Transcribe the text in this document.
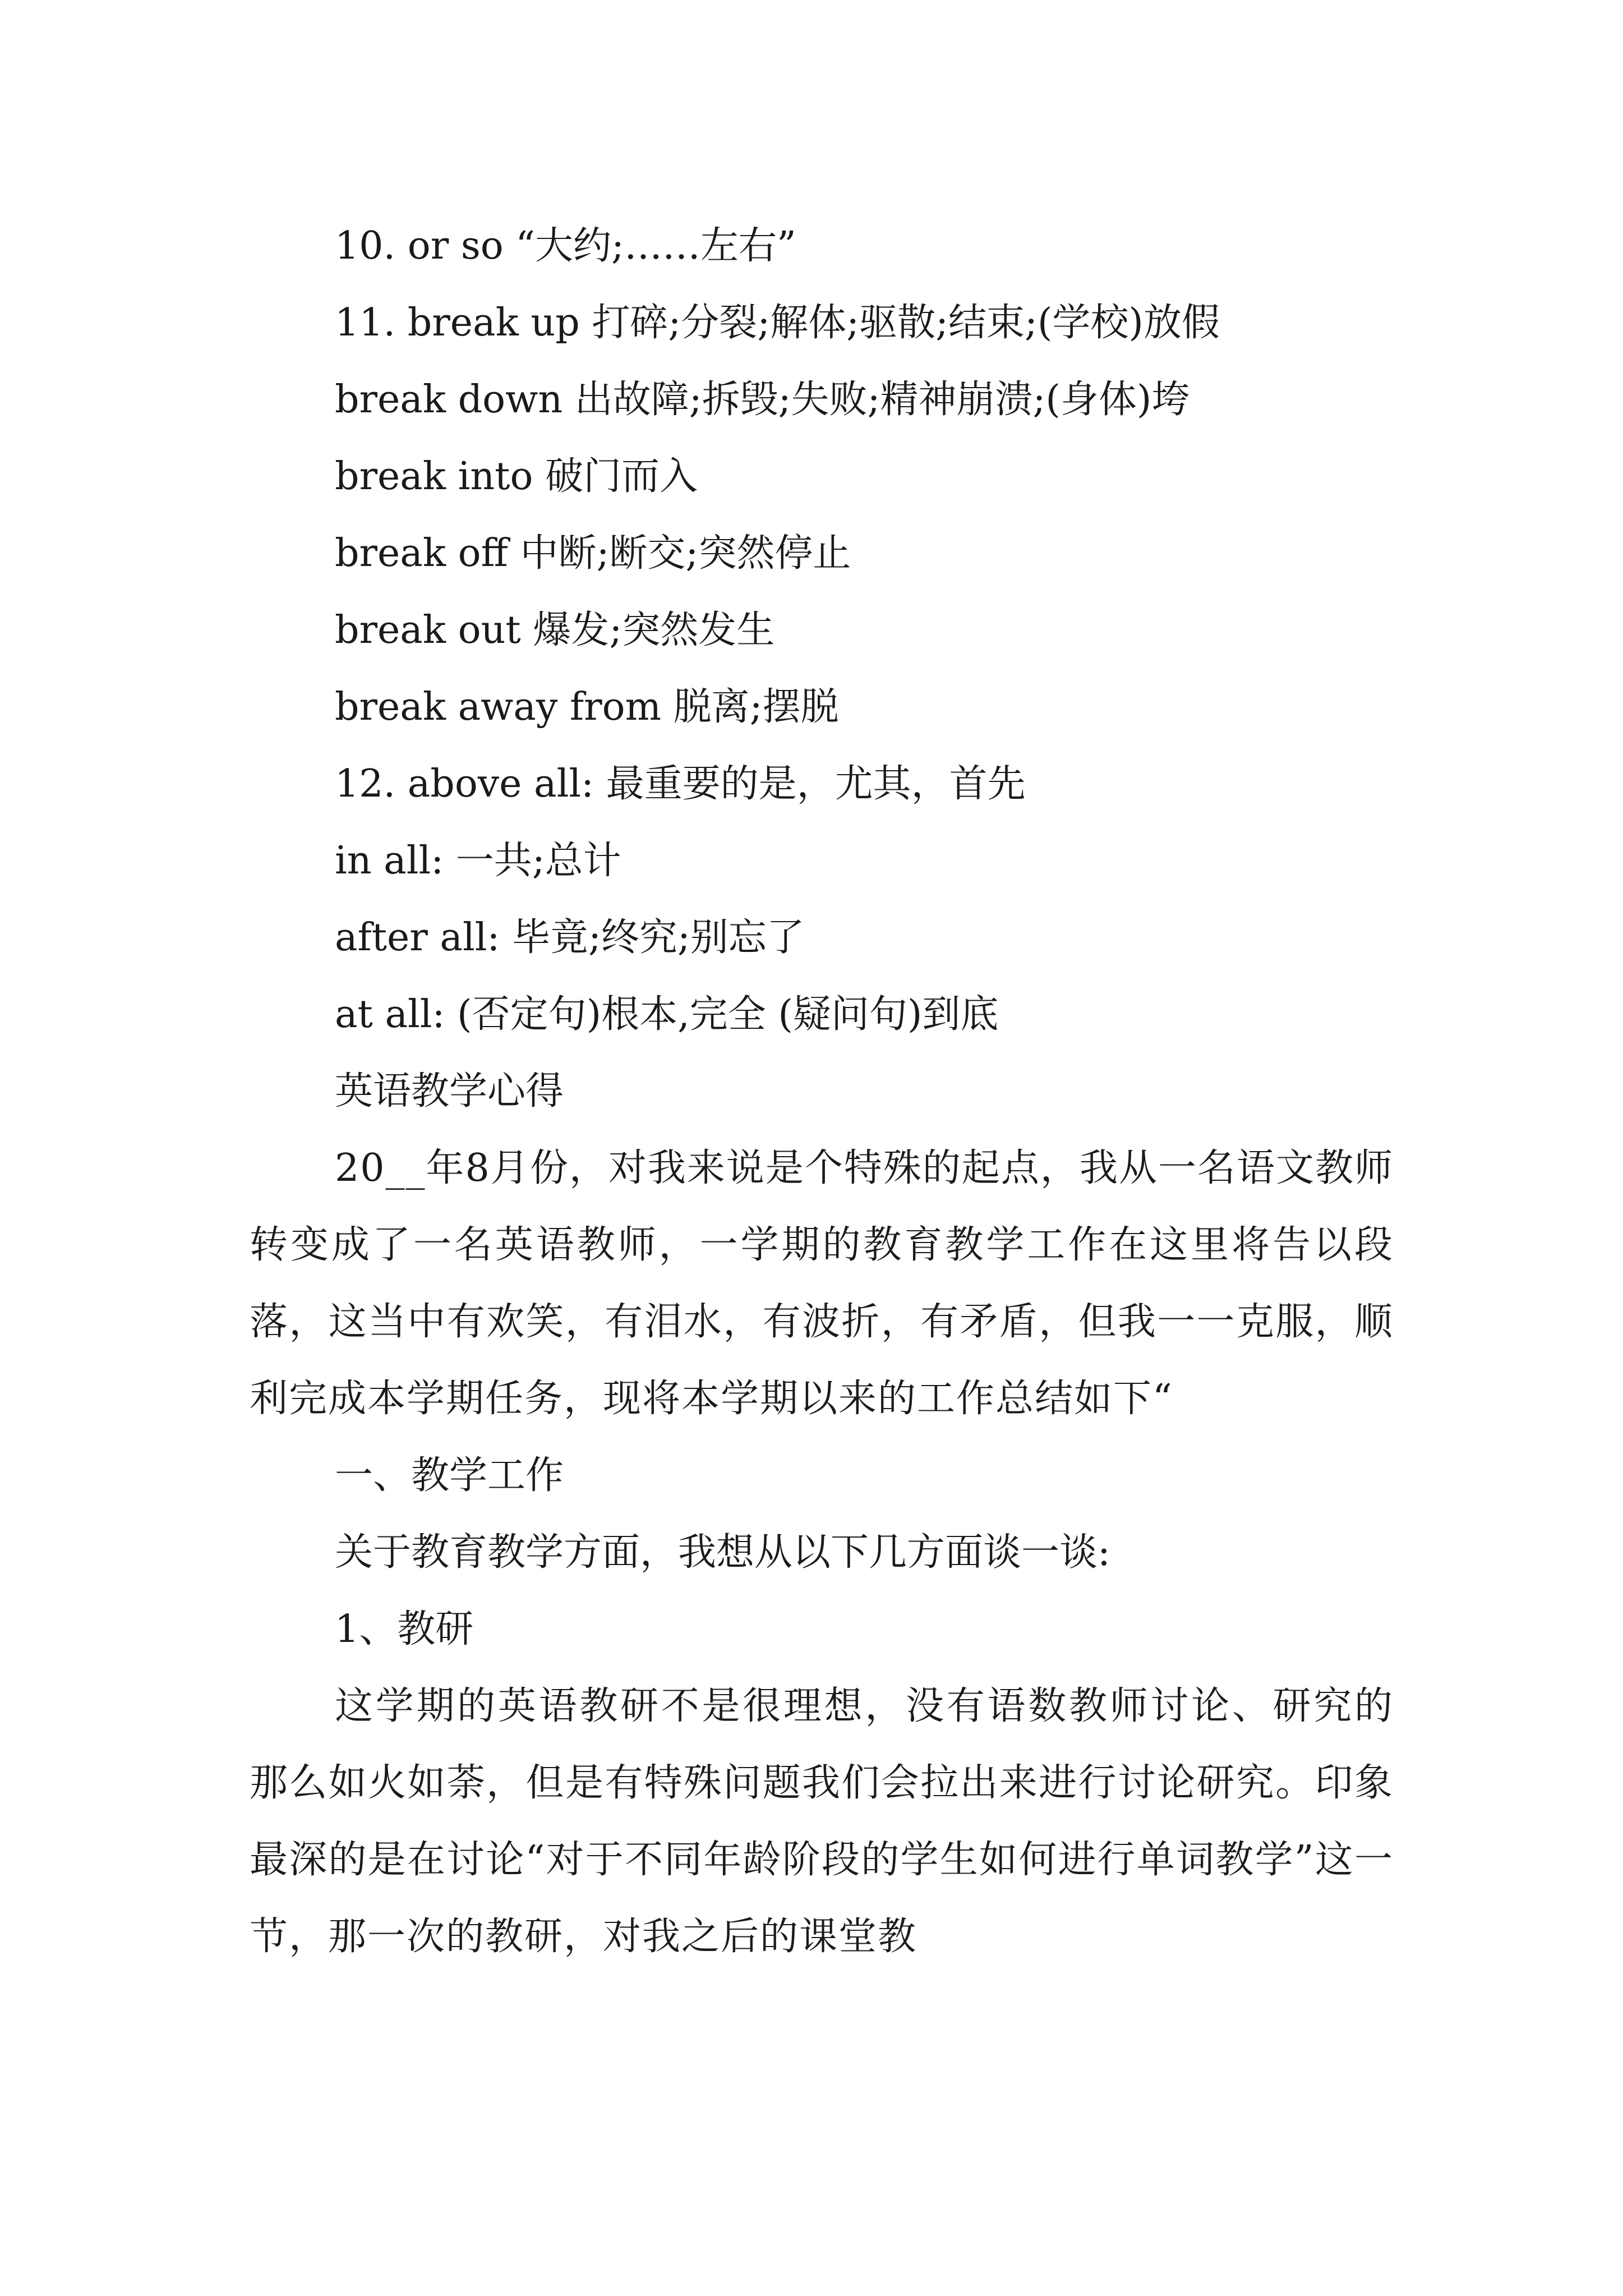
10. or so “大约;……左右”

11. break up 打碎;分裂;解体;驱散;结束;(学校)放假

break down 出故障;拆毁;失败;精神崩溃;(身体)垮

break into 破门而入

break off 中断;断交;突然停止

break out 爆发;突然发生

break away from 脱离;摆脱

12. above all: 最重要的是，尤其，首先

in all: 一共;总计

after all: 毕竟;终究;别忘了

at all: (否定句)根本,完全 (疑问句)到底

英语教学心得

20__年8月份，对我来说是个特殊的起点，我从一名语文教师转变成了一名英语教师，一学期的教育教学工作在这里将告以段落，这当中有欢笑，有泪水，有波折，有矛盾，但我一一克服，顺利完成本学期任务，现将本学期以来的工作总结如下“

一、教学工作

关于教育教学方面，我想从以下几方面谈一谈:

1、教研

这学期的英语教研不是很理想，没有语数教师讨论、研究的那么如火如荼，但是有特殊问题我们会拉出来进行讨论研究。印象最深的是在讨论“对于不同年龄阶段的学生如何进行单词教学”这一节，那一次的教研，对我之后的课堂教
